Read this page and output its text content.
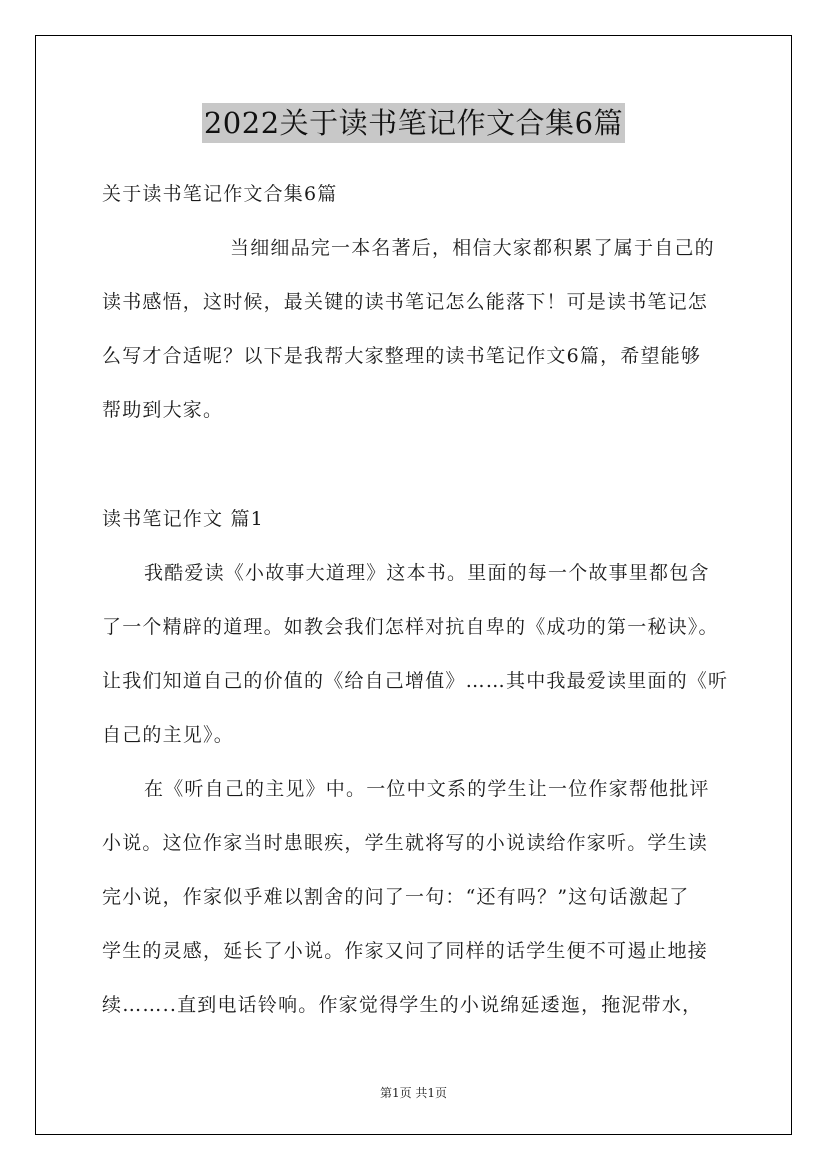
2022关于读书笔记作文合集6篇
关于读书笔记作文合集6篇
当细细品完一本名著后，相信大家都积累了属于自己的
读书感悟，这时候，最关键的读书笔记怎么能落下！可是读书笔记怎
么写才合适呢？以下是我帮大家整理的读书笔记作文6篇，希望能够
帮助到大家。
读书笔记作文 篇1
我酷爱读《小故事大道理》这本书。里面的每一个故事里都包含
了一个精辟的道理。如教会我们怎样对抗自卑的《成功的第一秘诀》。
让我们知道自己的价值的《给自己增值》……其中我最爱读里面的《听
自己的主见》。
在《听自己的主见》中。一位中文系的学生让一位作家帮他批评
小说。这位作家当时患眼疾，学生就将写的小说读给作家听。学生读
完小说，作家似乎难以割舍的问了一句：“还有吗？”这句话激起了
学生的灵感，延长了小说。作家又问了同样的话学生便不可遏止地接
续……..直到电话铃响。作家觉得学生的小说绵延逶迤，拖泥带水，
第1页 共1页
